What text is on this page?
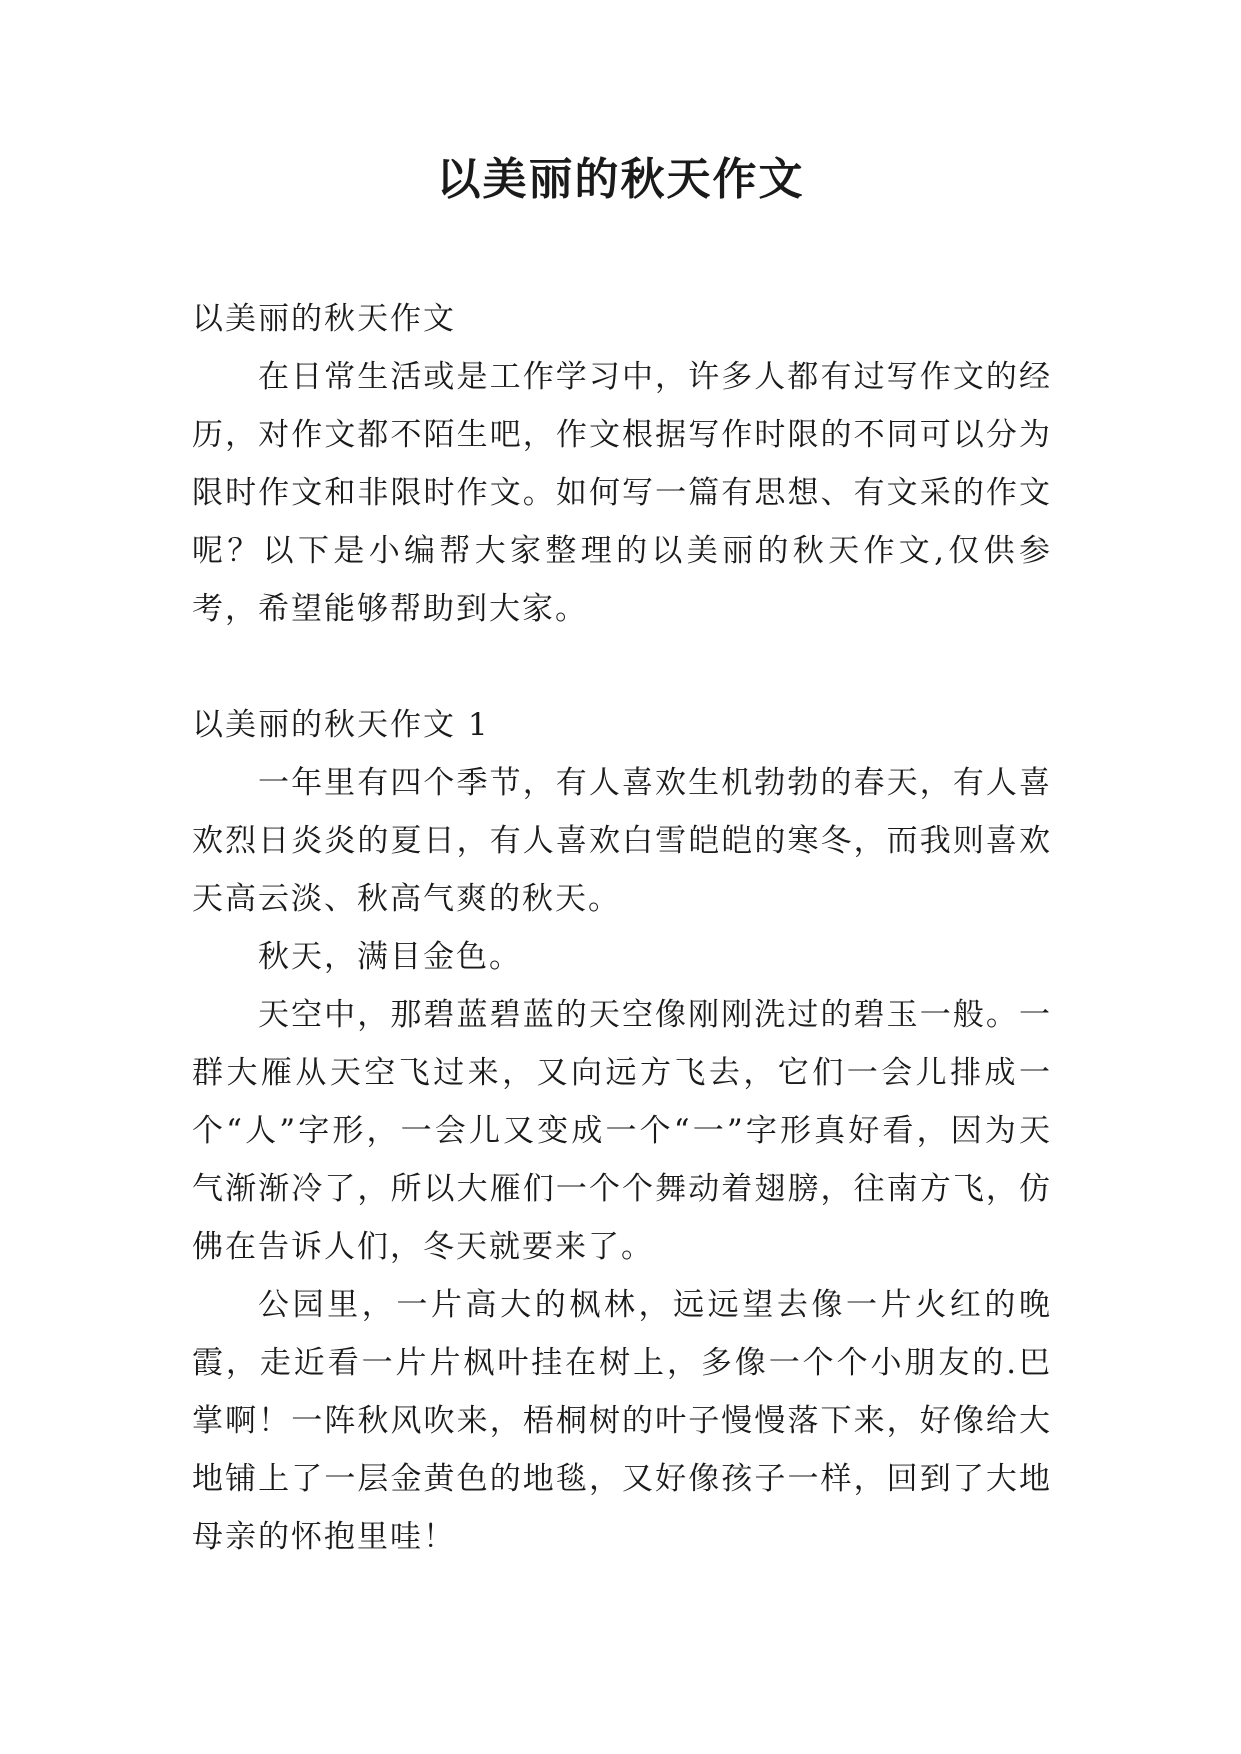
以美丽的秋天作文

以美丽的秋天作文

在日常生活或是工作学习中，许多人都有过写作文的经历，对作文都不陌生吧，作文根据写作时限的不同可以分为限时作文和非限时作文。如何写一篇有思想、有文采的作文呢？以下是小编帮大家整理的以美丽的秋天作文,仅供参考，希望能够帮助到大家。

以美丽的秋天作文 1

一年里有四个季节，有人喜欢生机勃勃的春天，有人喜欢烈日炎炎的夏日，有人喜欢白雪皑皑的寒冬，而我则喜欢天高云淡、秋高气爽的秋天。

秋天，满目金色。

天空中，那碧蓝碧蓝的天空像刚刚洗过的碧玉一般。一群大雁从天空飞过来，又向远方飞去，它们一会儿排成一个“人”字形，一会儿又变成一个“一”字形真好看，因为天气渐渐冷了，所以大雁们一个个舞动着翅膀，往南方飞，仿佛在告诉人们，冬天就要来了。

公园里，一片高大的枫林，远远望去像一片火红的晚霞，走近看一片片枫叶挂在树上，多像一个个小朋友的.巴掌啊！一阵秋风吹来，梧桐树的叶子慢慢落下来，好像给大地铺上了一层金黄色的地毯，又好像孩子一样，回到了大地母亲的怀抱里哇！
